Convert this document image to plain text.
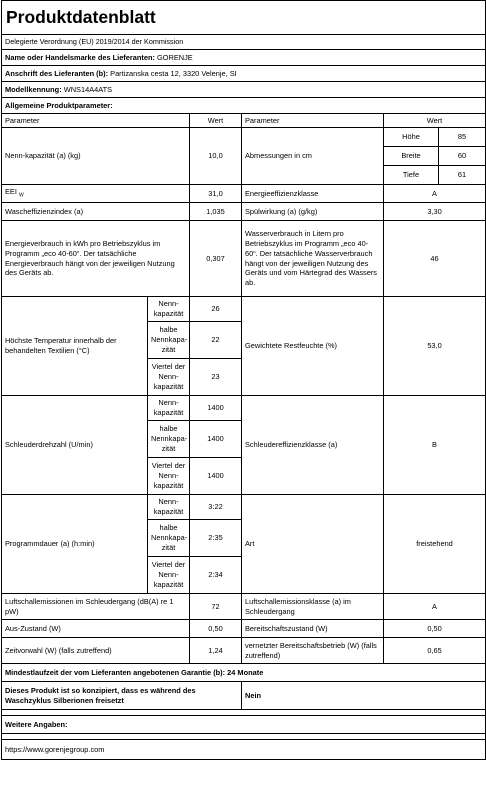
Produktdatenblatt					
Delegierte Verordnung (EU) 2019/2014 der Kommission					
Name oder Handelsmarke des Lieferanten: GORENJE					
Anschrift des Lieferanten (b): Partizanska cesta 12, 3320 Velenje, SI					
Modellkennung: WNS14A4ATS					
Allgemeine Produktparameter:					
Parameter		Wert	Parameter	Wert	
Nenn-kapazität (a) (kg)		10,0	Abmessungen in cm	Höhe	85
				Breite	60
				Tiefe	61
EEI $_W$		31,0	Energieeffizienzklasse	A	
Wascheffizienzindex (a)		1,035	Spülwirkung (a) (g/kg)	3,30	
Energieverbrauch in kWh pro Betriebszyklus im Programm „eco 40-60“. Der tatsächliche Energieverbrauch hängt von der jeweiligen Nutzung des Geräts ab.		0,307	Wasserverbrauch in Litern pro Betriebszyklus im Programm „eco 40-60“. Der tatsächliche Wasserverbrauch hängt von der jeweiligen Nutzung des Geräts und vom Härtegrad des Wassers ab.	46	
Höchste Temperatur innerhalb der behandelten Textilien (°C)	Nenn-kapazität	26	Gewichtete Restfeuchte (%)	53,0	
	halbe Nennkapa-zität	22			
	Viertel der Nenn-kapazität	23			
Schleuderdrehzahl (U/min)	Nenn-kapazität	1400	Schleudereffizienzklasse (a)	B	
	halbe Nennkapa-zität	1400			
	Viertel der Nenn-kapazität	1400			
Programmdauer (a) (h:min)	Nenn-kapazität	3:22	Art	freistehend	
	halbe Nennkapa-zität	2:35			
	Viertel der Nenn-kapazität	2:34			
Luftschallemissionen im Schleudergang (dB(A) re 1 pW)		72	Luftschallemissionsklasse (a) im Schleudergang	A	
Aus-Zustand (W)		0,50	Bereitschaftszustand (W)	0,50	
Zeitvorwahl (W) (falls zutreffend)		1,24	vernetzter Bereitschaftsbetrieb (W) (falls zutreffend)	0,65	
Mindestlaufzeit der vom Lieferanten angebotenen Garantie (b): 24 Monate					
Dieses Produkt ist so konzipiert, dass es während des Waschzyklus Silberionen freisetzt			Nein		

Weitere Angaben:					

https://www.gorenjegroup.com					
